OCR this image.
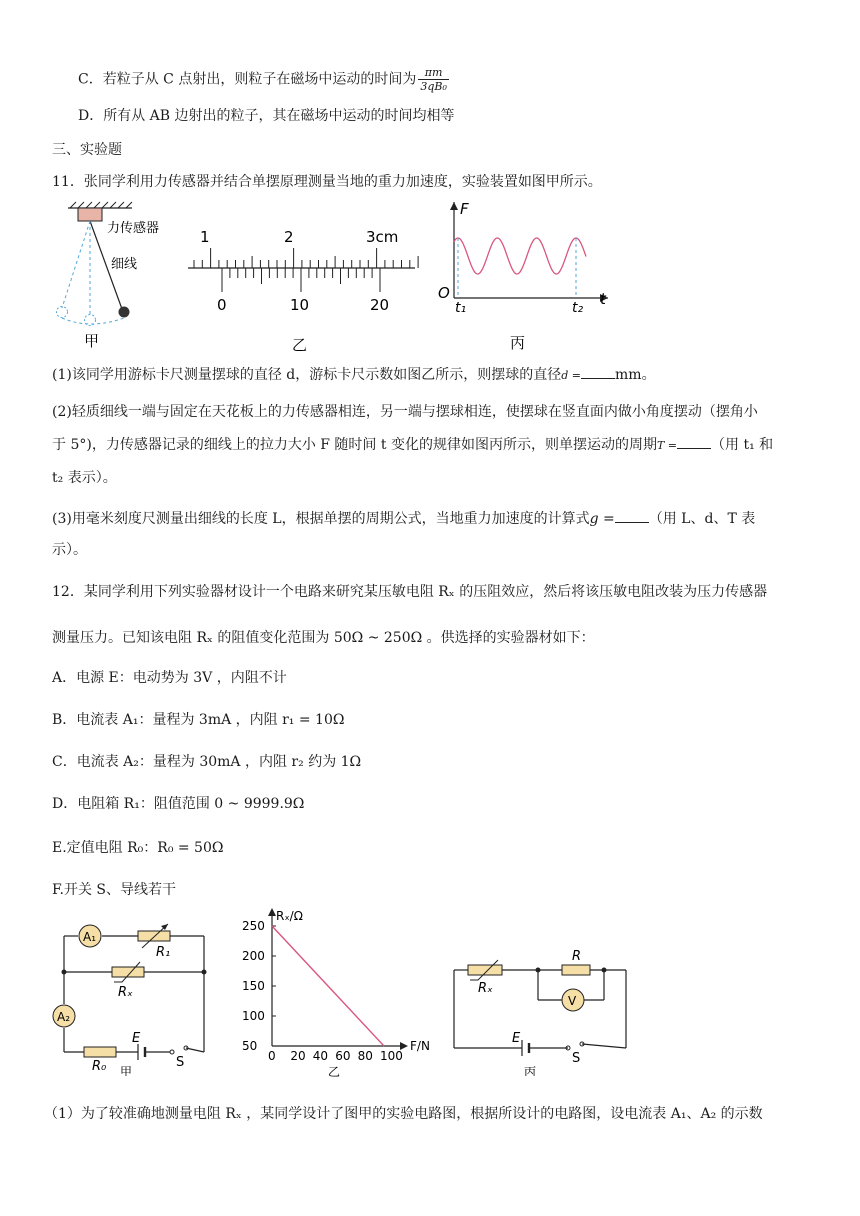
C．若粒子从 C 点射出，则粒子在磁场中运动的时间为 $\frac{\pi m}{\text{3qB₀}}$
D．所有从 AB 边射出的粒子，其在磁场中运动的时间均相等
三、实验题
11．张同学利用力传感器并结合单摆原理测量当地的重力加速度，实验装置如图甲所示。
力传感器
细线
甲
1	2	3cm
0	10	20
乙
F
t
O
t₁	t₂
丙
(1)该同学用游标卡尺测量摆球的直径 d，游标卡尺示数如图乙所示，则摆球的直径d = mm。
(2)轻质细线一端与固定在天花板上的力传感器相连，另一端与摆球相连，使摆球在竖直面内做小角度摆动（摆角小
于 5°)，力传感器记录的细线上的拉力大小 F 随时间 t 变化的规律如图丙所示，则单摆运动的周期T = （用 t₁ 和
t₂ 表示）。
(3)用毫米刻度尺测量出细线的长度 L，根据单摆的周期公式，当地重力加速度的计算式g = （用 L、d、T 表
示）。
12．某同学利用下列实验器材设计一个电路来研究某压敏电阻 Rₓ 的压阻效应，然后将该压敏电阻改装为压力传感器
测量压力。已知该电阻 Rₓ 的阻值变化范围为 50Ω ~ 250Ω 。供选择的实验器材如下：
A．电源 E：电动势为 3V ，内阻不计
B．电流表 A₁：量程为 3mA ，内阻 r₁ = 10Ω
C．电流表 A₂：量程为 30mA ，内阻 r₂ 约为 1Ω
D．电阻箱 R₁：阻值范围 0 ~ 9999.9Ω
E.定值电阻 R₀：R₀ = 50Ω
F.开关 S、导线若干
A₁
R₁
Rₓ
A₂
R₀
E
S
甲
Rₓ/Ω
F/N
50
100
150
200
250
0 20 40 60 80 100
乙
Rₓ
R
V
E
S
丙
（1）为了较准确地测量电阻 Rₓ ，某同学设计了图甲的实验电路图，根据所设计的电路图，设电流表 A₁、A₂ 的示数
